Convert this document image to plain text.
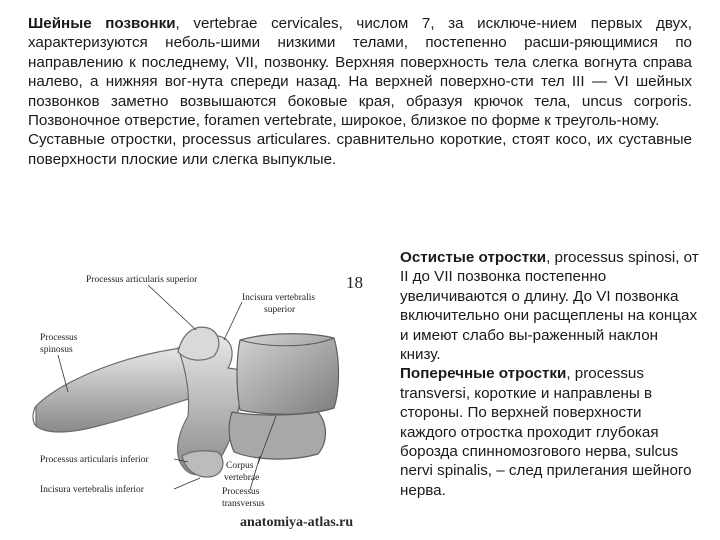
Шейные позвонки, vertebrae cervicales, числом 7, за исключе-нием первых двух, характеризуются неболь-шими низкими телами, постепенно расши-ряющимися по направлению к последнему, VII, позвонку. Верхняя поверхность тела слегка вогнута справа налево, а нижняя вог-нута спереди назад. На верхней поверхно-сти тел III — VI шейных позвонков заметно возвышаются боковые края, образуя крючок тела, uncus corporis. Позвоночное отверстие, foramen vertebrate, широкое, близкое по форме к треуголь-ному.

Суставные отростки, processus articulares. сравнительно короткие, стоят косо, их суставные поверхности плоские или слегка выпуклые.

18
Processus articularis superior
Incisura vertebralis
superior
Processus
spinosus
Processus articularis inferior
Corpus
vertebrae
Incisura vertebralis inferior	Processus
transversus
anatomiya-atlas.ru

Остистые отростки, processus spinosi, от II до VII позвонка постепенно увеличиваются о длину. До VI позвонка включительно они расщеплены на концах и имеют слабо вы-раженный наклон книзу.

Поперечные отростки, processus transversi, короткие и направлены в стороны. По верхней поверхности каждого отростка проходит глубокая борозда спинномозгового нерва, sulcus nervi spinalis, – след прилегания шейного нерва.
